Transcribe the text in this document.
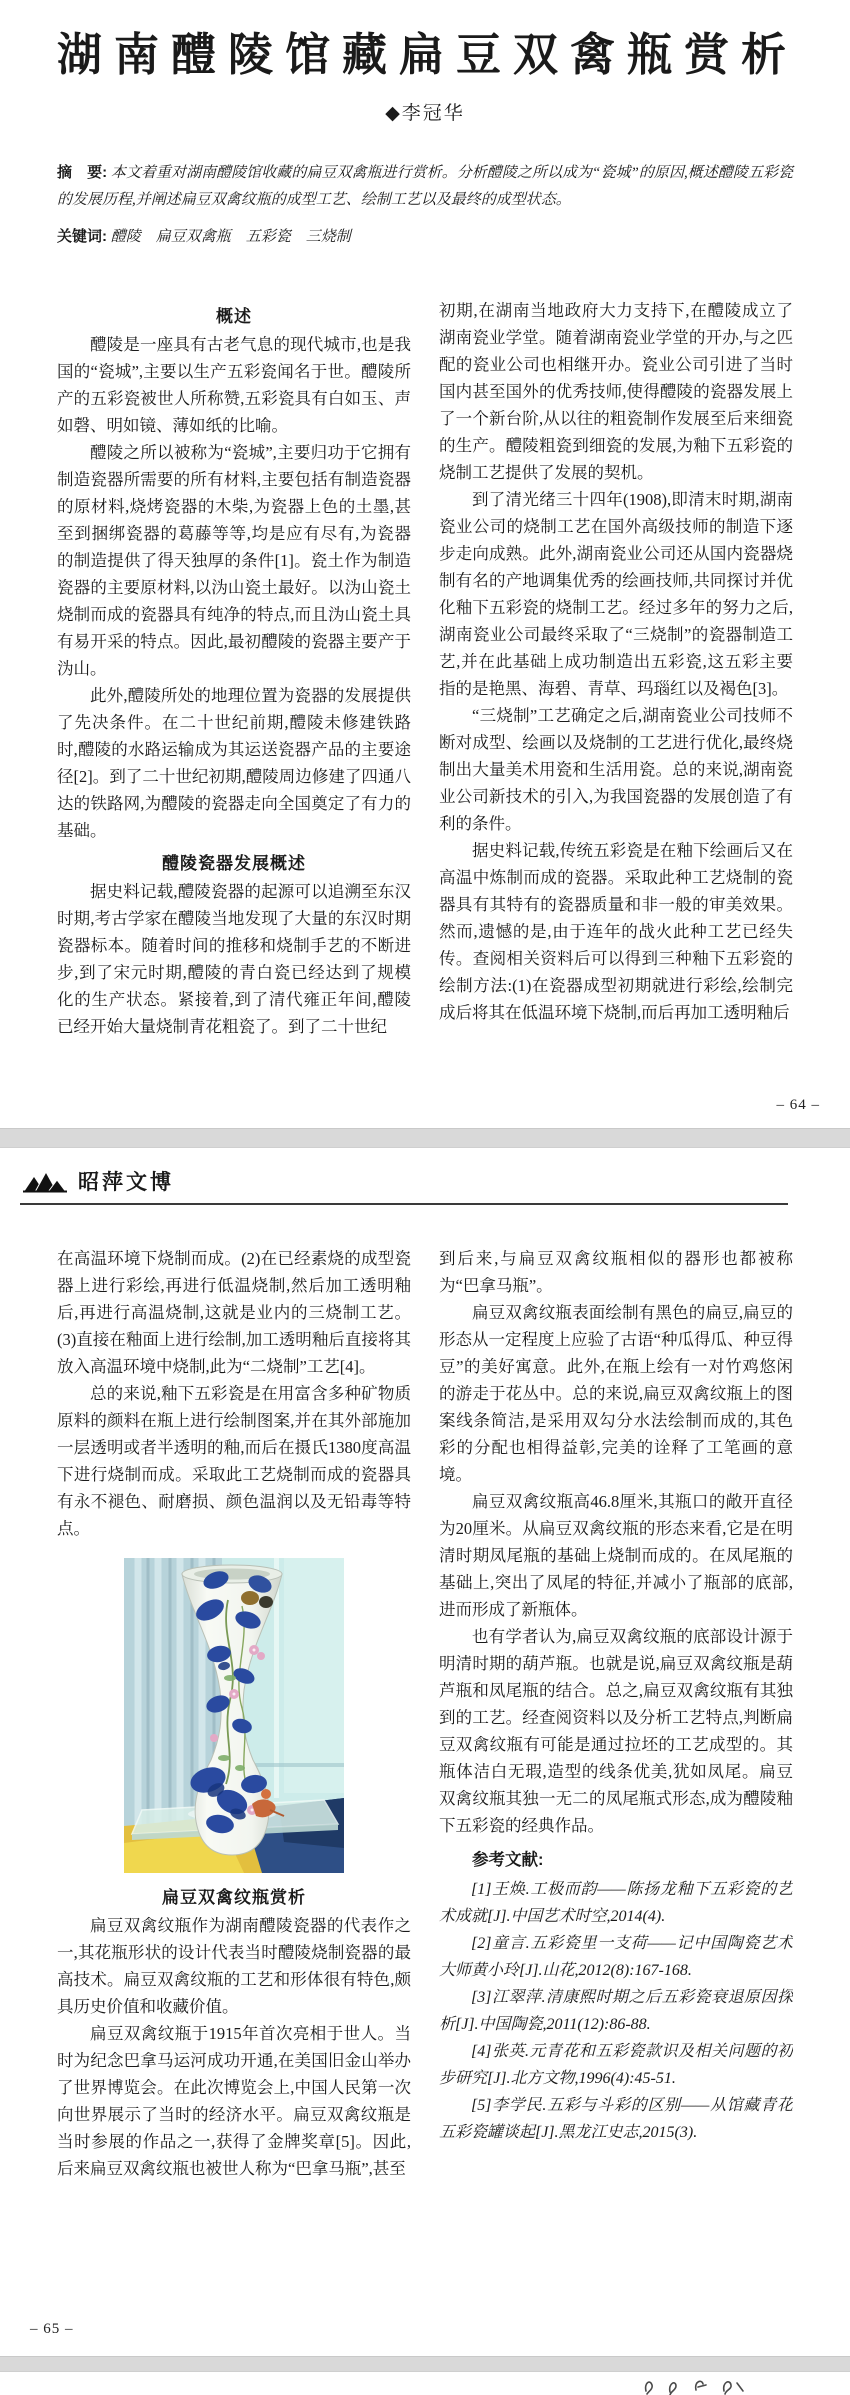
湖南醴陵馆藏扁豆双禽瓶赏析
◆李冠华

摘　要: 本文着重对湖南醴陵馆收藏的扁豆双禽瓶进行赏析。分析醴陵之所以成为“瓷城”的原因,概述醴陵五彩瓷的发展历程,并阐述扁豆双禽纹瓶的成型工艺、绘制工艺以及最终的成型状态。

关键词: 醴陵　扁豆双禽瓶　五彩瓷　三烧制

概述
醴陵是一座具有古老气息的现代城市,也是我国的“瓷城”,主要以生产五彩瓷闻名于世。醴陵所产的五彩瓷被世人所称赞,五彩瓷具有白如玉、声如磬、明如镜、薄如纸的比喻。
醴陵之所以被称为“瓷城”,主要归功于它拥有制造瓷器所需要的所有材料,主要包括有制造瓷器的原材料,烧烤瓷器的木柴,为瓷器上色的土墨,甚至到捆绑瓷器的葛藤等等,均是应有尽有,为瓷器的制造提供了得天独厚的条件[1]。瓷土作为制造瓷器的主要原材料,以沩山瓷土最好。以沩山瓷土烧制而成的瓷器具有纯净的特点,而且沩山瓷土具有易开采的特点。因此,最初醴陵的瓷器主要产于沩山。
此外,醴陵所处的地理位置为瓷器的发展提供了先决条件。在二十世纪前期,醴陵未修建铁路时,醴陵的水路运输成为其运送瓷器产品的主要途径[2]。到了二十世纪初期,醴陵周边修建了四通八达的铁路网,为醴陵的瓷器走向全国奠定了有力的基础。
醴陵瓷器发展概述
据史料记载,醴陵瓷器的起源可以追溯至东汉时期,考古学家在醴陵当地发现了大量的东汉时期瓷器标本。随着时间的推移和烧制手艺的不断进步,到了宋元时期,醴陵的青白瓷已经达到了规模化的生产状态。紧接着,到了清代雍正年间,醴陵已经开始大量烧制青花粗瓷了。到了二十世纪
初期,在湖南当地政府大力支持下,在醴陵成立了湖南瓷业学堂。随着湖南瓷业学堂的开办,与之匹配的瓷业公司也相继开办。瓷业公司引进了当时国内甚至国外的优秀技师,使得醴陵的瓷器发展上了一个新台阶,从以往的粗瓷制作发展至后来细瓷的生产。醴陵粗瓷到细瓷的发展,为釉下五彩瓷的烧制工艺提供了发展的契机。
到了清光绪三十四年(1908),即清末时期,湖南瓷业公司的烧制工艺在国外高级技师的制造下逐步走向成熟。此外,湖南瓷业公司还从国内瓷器烧制有名的产地调集优秀的绘画技师,共同探讨并优化釉下五彩瓷的烧制工艺。经过多年的努力之后,湖南瓷业公司最终采取了“三烧制”的瓷器制造工艺,并在此基础上成功制造出五彩瓷,这五彩主要指的是艳黑、海碧、青草、玛瑙红以及褐色[3]。
“三烧制”工艺确定之后,湖南瓷业公司技师不断对成型、绘画以及烧制的工艺进行优化,最终烧制出大量美术用瓷和生活用瓷。总的来说,湖南瓷业公司新技术的引入,为我国瓷器的发展创造了有利的条件。
据史料记载,传统五彩瓷是在釉下绘画后又在高温中炼制而成的瓷器。采取此种工艺烧制的瓷器具有其特有的瓷器质量和非一般的审美效果。然而,遗憾的是,由于连年的战火此种工艺已经失传。查阅相关资料后可以得到三种釉下五彩瓷的绘制方法:(1)在瓷器成型初期就进行彩绘,绘制完成后将其在低温环境下烧制,而后再加工透明釉后
– 64 –
昭萍文博
在高温环境下烧制而成。(2)在已经素烧的成型瓷器上进行彩绘,再进行低温烧制,然后加工透明釉后,再进行高温烧制,这就是业内的三烧制工艺。(3)直接在釉面上进行绘制,加工透明釉后直接将其放入高温环境中烧制,此为“二烧制”工艺[4]。
总的来说,釉下五彩瓷是在用富含多种矿物质原料的颜料在瓶上进行绘制图案,并在其外部施加一层透明或者半透明的釉,而后在摄氏1380度高温下进行烧制而成。采取此工艺烧制而成的瓷器具有永不褪色、耐磨损、颜色温润以及无铅毒等特点。
扁豆双禽纹瓶赏析
扁豆双禽纹瓶作为湖南醴陵瓷器的代表作之一,其花瓶形状的设计代表当时醴陵烧制瓷器的最高技术。扁豆双禽纹瓶的工艺和形体很有特色,颇具历史价值和收藏价值。
扁豆双禽纹瓶于1915年首次亮相于世人。当时为纪念巴拿马运河成功开通,在美国旧金山举办了世界博览会。在此次博览会上,中国人民第一次向世界展示了当时的经济水平。扁豆双禽纹瓶是当时参展的作品之一,获得了金牌奖章[5]。因此,后来扁豆双禽纹瓶也被世人称为“巴拿马瓶”,甚至
到后来,与扁豆双禽纹瓶相似的器形也都被称为“巴拿马瓶”。
扁豆双禽纹瓶表面绘制有黑色的扁豆,扁豆的形态从一定程度上应验了古语“种瓜得瓜、种豆得豆”的美好寓意。此外,在瓶上绘有一对竹鸡悠闲的游走于花丛中。总的来说,扁豆双禽纹瓶上的图案线条简洁,是采用双勾分水法绘制而成的,其色彩的分配也相得益彰,完美的诠释了工笔画的意境。
扁豆双禽纹瓶高46.8厘米,其瓶口的敞开直径为20厘米。从扁豆双禽纹瓶的形态来看,它是在明清时期凤尾瓶的基础上烧制而成的。在凤尾瓶的基础上,突出了凤尾的特征,并减小了瓶部的底部,进而形成了新瓶体。
也有学者认为,扁豆双禽纹瓶的底部设计源于明清时期的葫芦瓶。也就是说,扁豆双禽纹瓶是葫芦瓶和凤尾瓶的结合。总之,扁豆双禽纹瓶有其独到的工艺。经查阅资料以及分析工艺特点,判断扁豆双禽纹瓶有可能是通过拉坯的工艺成型的。其瓶体洁白无瑕,造型的线条优美,犹如凤尾。扁豆双禽纹瓶其独一无二的凤尾瓶式形态,成为醴陵釉下五彩瓷的经典作品。
参考文献:
[1]王焕.工极而韵——陈扬龙釉下五彩瓷的艺术成就[J].中国艺术时空,2014(4).
[2]童言.五彩瓷里一支荷——记中国陶瓷艺术大师黄小玲[J].山花,2012(8):167-168.
[3]江翠萍.清康熙时期之后五彩瓷衰退原因探析[J].中国陶瓷,2011(12):86-88.
[4]张英.元青花和五彩瓷款识及相关问题的初步研究[J].北方文物,1996(4):45-51.
[5]李学民.五彩与斗彩的区别——从馆藏青花五彩瓷罐谈起[J].黑龙江史志,2015(3).
– 65 –
